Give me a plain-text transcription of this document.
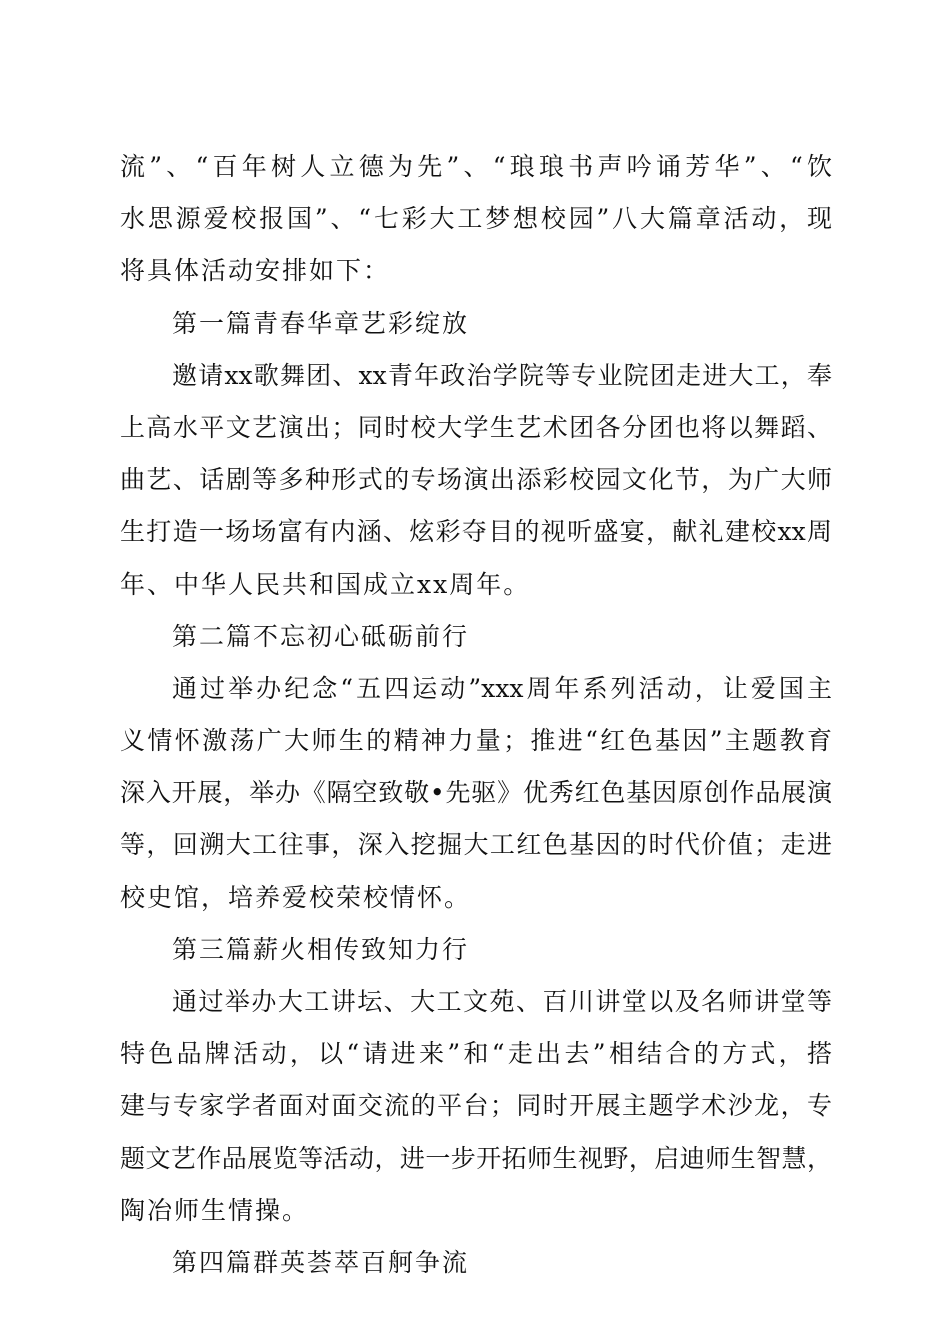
流”、“百年树人立德为先”、“琅琅书声吟诵芳华”、“饮
水思源爱校报国”、“七彩大工梦想校园”八大篇章活动，现
将具体活动安排如下：
第一篇青春华章艺彩绽放
邀请xx歌舞团、xx青年政治学院等专业院团走进大工，奉
上高水平文艺演出；同时校大学生艺术团各分团也将以舞蹈、
曲艺、话剧等多种形式的专场演出添彩校园文化节，为广大师
生打造一场场富有内涵、炫彩夺目的视听盛宴，献礼建校xx周
年、中华人民共和国成立xx周年。
第二篇不忘初心砥砺前行
通过举办纪念“五四运动”xxx周年系列活动，让爱国主
义情怀激荡广大师生的精神力量；推进“红色基因”主题教育
深入开展，举办《隔空致敬•先驱》优秀红色基因原创作品展演
等，回溯大工往事，深入挖掘大工红色基因的时代价值；走进
校史馆，培养爱校荣校情怀。
第三篇薪火相传致知力行
通过举办大工讲坛、大工文苑、百川讲堂以及名师讲堂等
特色品牌活动，以“请进来”和“走出去”相结合的方式，搭
建与专家学者面对面交流的平台；同时开展主题学术沙龙，专
题文艺作品展览等活动，进一步开拓师生视野，启迪师生智慧，
陶冶师生情操。
第四篇群英荟萃百舸争流
